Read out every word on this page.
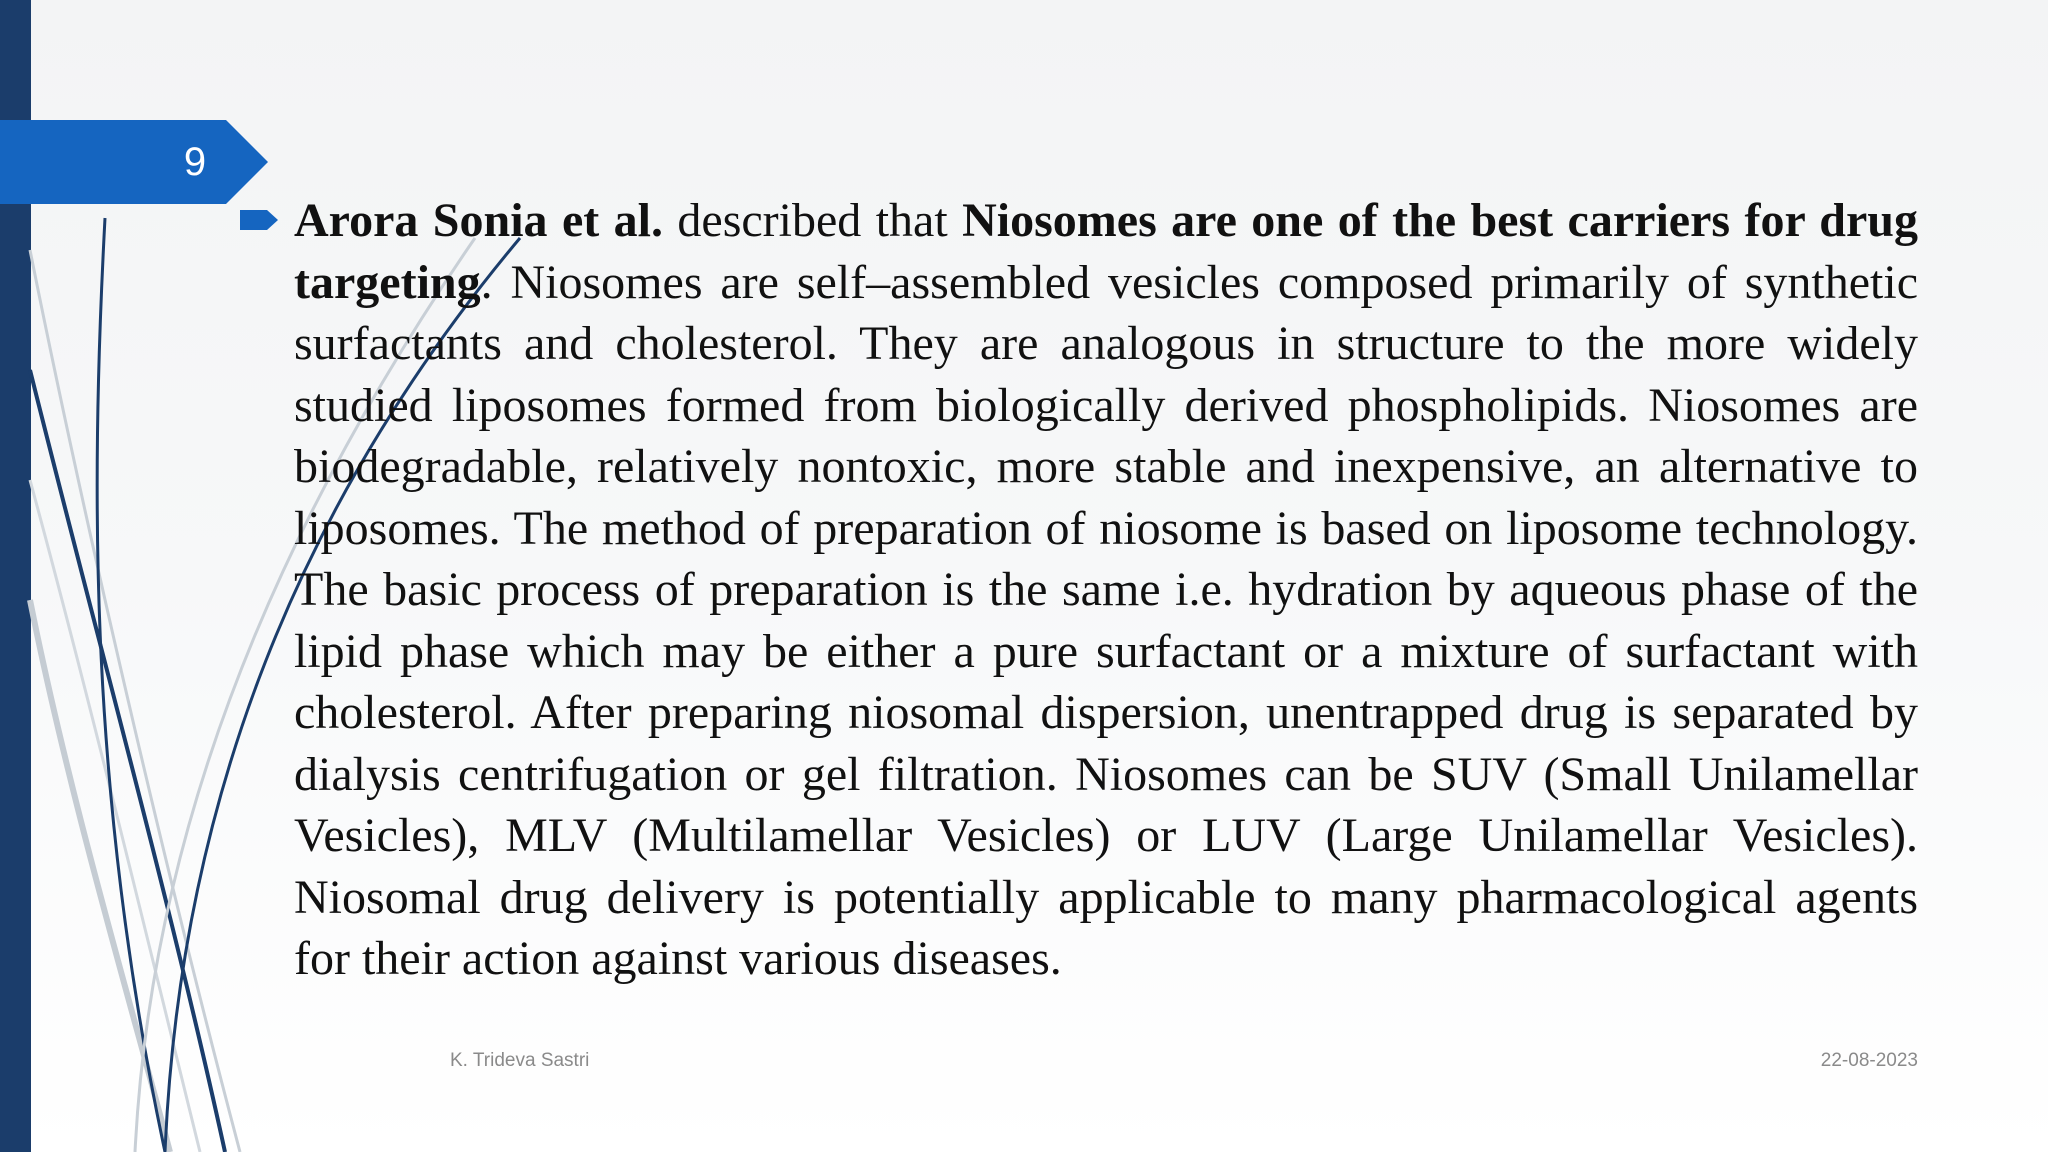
9

Arora Sonia et al. described that Niosomes are one of the best carriers for drug targeting. Niosomes are self–assembled vesicles composed primarily of synthetic surfactants and cholesterol. They are analogous in structure to the more widely studied liposomes formed from biologically derived phospholipids. Niosomes are biodegradable, relatively nontoxic, more stable and inexpensive, an alternative to liposomes. The method of preparation of niosome is based on liposome technology. The basic process of preparation is the same i.e. hydration by aqueous phase of the lipid phase which may be either a pure surfactant or a mixture of surfactant with cholesterol. After preparing niosomal dispersion, unentrapped drug is separated by dialysis centrifugation or gel filtration. Niosomes can be SUV (Small Unilamellar Vesicles), MLV (Multilamellar Vesicles) or LUV (Large Unilamellar Vesicles). Niosomal drug delivery is potentially applicable to many pharmacological agents for their action against various diseases.

K. Trideva Sastri	22-08-2023
